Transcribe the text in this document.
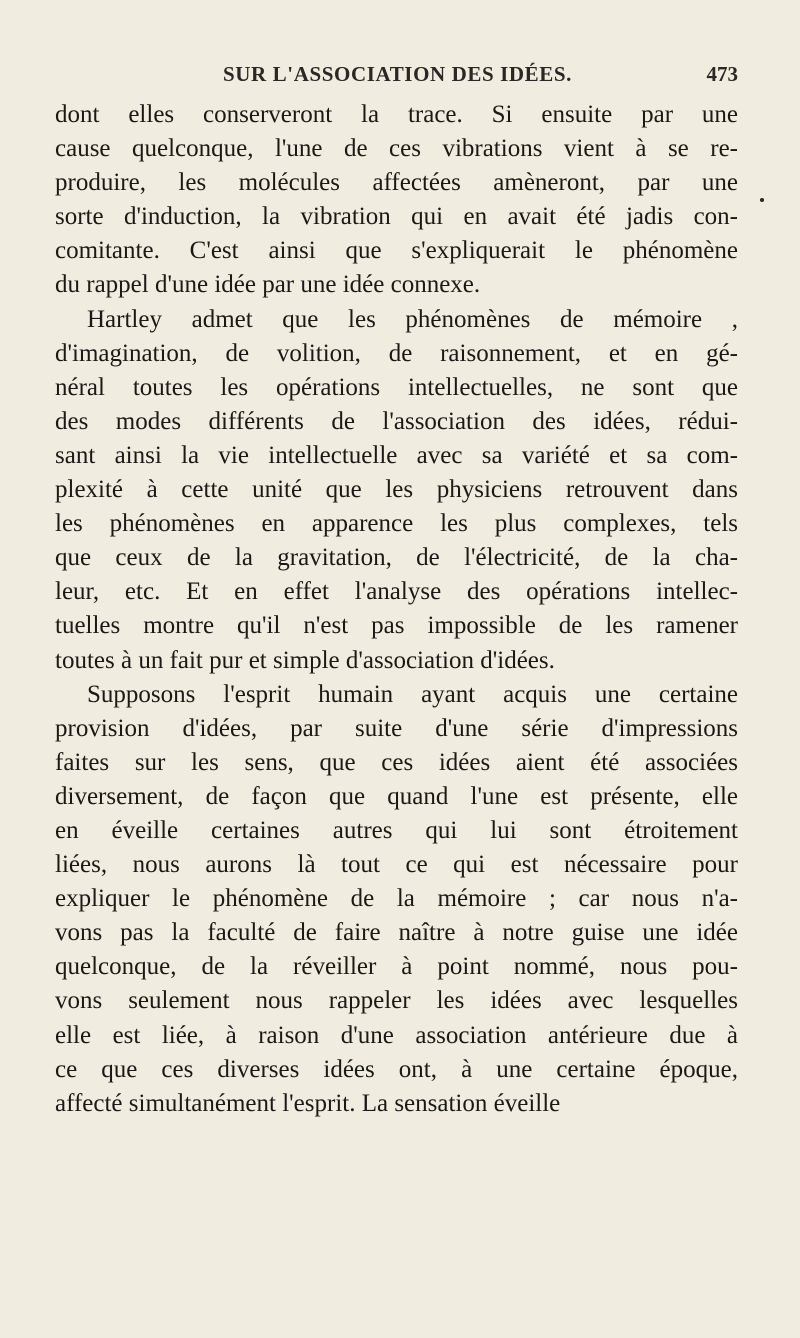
SUR L'ASSOCIATION DES IDÉES.	473
dont elles conserveront la trace. Si ensuite par une
cause quelconque, l'une de ces vibrations vient à se re-
produire, les molécules affectées amèneront, par une
sorte d'induction, la vibration qui en avait été jadis con-
comitante. C'est ainsi que s'expliquerait le phénomène
du rappel d'une idée par une idée connexe.
Hartley admet que les phénomènes de mémoire ,
d'imagination, de volition, de raisonnement, et en gé-
néral toutes les opérations intellectuelles, ne sont que
des modes différents de l'association des idées, rédui-
sant ainsi la vie intellectuelle avec sa variété et sa com-
plexité à cette unité que les physiciens retrouvent dans
les phénomènes en apparence les plus complexes, tels
que ceux de la gravitation, de l'électricité, de la cha-
leur, etc. Et en effet l'analyse des opérations intellec-
tuelles montre qu'il n'est pas impossible de les ramener
toutes à un fait pur et simple d'association d'idées.
Supposons l'esprit humain ayant acquis une certaine
provision d'idées, par suite d'une série d'impressions
faites sur les sens, que ces idées aient été associées
diversement, de façon que quand l'une est présente, elle
en éveille certaines autres qui lui sont étroitement
liées, nous aurons là tout ce qui est nécessaire pour
expliquer le phénomène de la mémoire ; car nous n'a-
vons pas la faculté de faire naître à notre guise une idée
quelconque, de la réveiller à point nommé, nous pou-
vons seulement nous rappeler les idées avec lesquelles
elle est liée, à raison d'une association antérieure due à
ce que ces diverses idées ont, à une certaine époque,
affecté simultanément l'esprit. La sensation éveille
